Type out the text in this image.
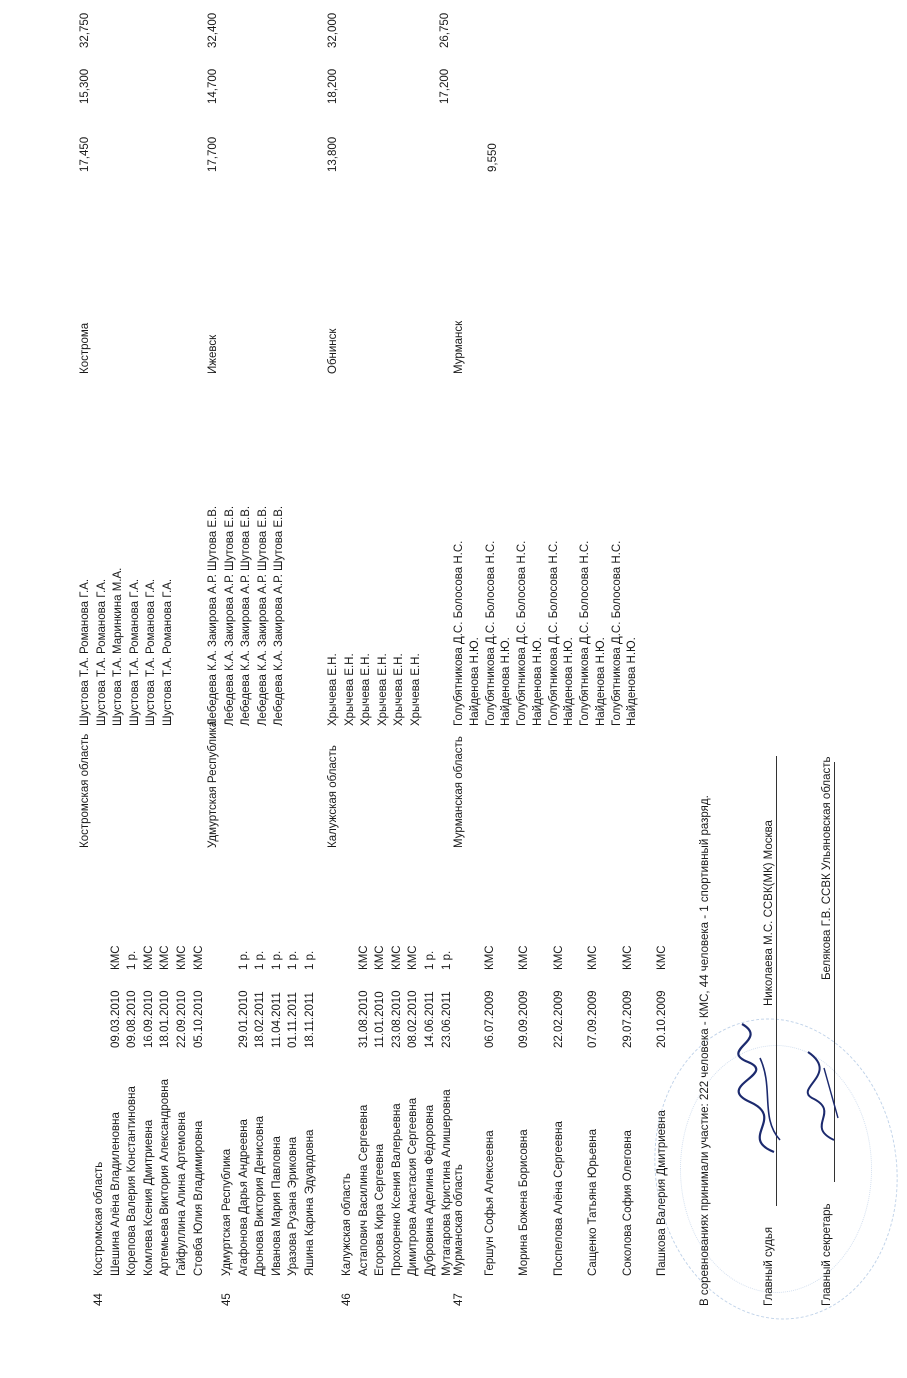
44
Костромская область
Костромская область
Кострома
17,450
15,300
32,750
Шешина Алёна Владиленовна
09.03.2010
КМС
Шустова Т.А. Романова Г.А.
Корепова Валерия Константиновна
09.08.2010
1 р.
Шустова Т.А. Романова Г.А.
Комлева Ксения Дмитриевна
16.09.2010
КМС
Шустова Т.А. Маринкина М.А.
Артемьева Виктория Александровна
18.01.2010
КМС
Шустова Т.А. Романова Г.А.
Гайфуллина Алина Артемовна
22.09.2010
КМС
Шустова Т.А. Романова Г.А.
Стовба Юлия Владимировна
05.10.2010
КМС
Шустова Т.А. Романова Г.А.
45
Удмуртская Республика
Удмуртская Республика
Ижевск
17,700
14,700
32,400
Агафонова Дарья Андреевна
29.01.2010
1 р.
Лебедева К.А. Закирова А.Р. Шутова Е.В.
Дронова Виктория Денисовна
18.02.2011
1 р.
Лебедева К.А. Закирова А.Р. Шутова Е.В.
Иванова Мария Павловна
11.04.2011
1 р.
Лебедева К.А. Закирова А.Р. Шутова Е.В.
Уразова Рузана Эриковна
01.11.2011
1 р.
Лебедева К.А. Закирова А.Р. Шутова Е.В.
Яшина Карина Эдуардовна
18.11.2011
1 р.
Лебедева К.А. Закирова А.Р. Шутова Е.В.
46
Калужская область
Калужская область
Обнинск
13,800
18,200
32,000
Астапович Василина Сергеевна
31.08.2010
КМС
Хрычева Е.Н.
Егорова Кира Сергеевна
11.01.2010
КМС
Хрычева Е.Н.
Прохоренко Ксения Валерьевна
23.08.2010
КМС
Хрычева Е.Н.
Димитрова Анастасия Сергеевна
08.02.2010
КМС
Хрычева Е.Н.
Дубровина Аделина Фёдоровна
14.06.2011
1 р.
Хрычева Е.Н.
Мутагарова Кристина Алишеровна
23.06.2011
1 р.
Хрычева Е.Н.
47
Мурманская область
Мурманская область
Мурманск
9,550
17,200
26,750
Гершун Софья Алексеевна
06.07.2009
КМС
Голубятникова Д.С. Болосова Н.С. Найденова Н.Ю.
Морина Божена Борисовна
09.09.2009
КМС
Голубятникова Д.С. Болосова Н.С. Найденова Н.Ю.
Поспелова Алёна Сергеевна
22.02.2009
КМС
Голубятникова Д.С. Болосова Н.С. Найденова Н.Ю.
Сащенко Татьяна Юрьевна
07.09.2009
КМС
Голубятникова Д.С. Болосова Н.С. Найденова Н.Ю.
Соколова София Олеговна
29.07.2009
КМС
Голубятникова Д.С. Болосова Н.С. Найденова Н.Ю.
Пашкова Валерия Дмитриевна
20.10.2009
КМС
Голубятникова Д.С. Болосова Н.С. Найденова Н.Ю.
В соревнованиях принимали участие: 222 человека - КМС, 44 человека - 1 спортивный разряд.	Главный судья
Николаева М.С. ССВК(МК) Москва
Главный секретарь
Белякова Г.В. ССВК Ульяновская область
